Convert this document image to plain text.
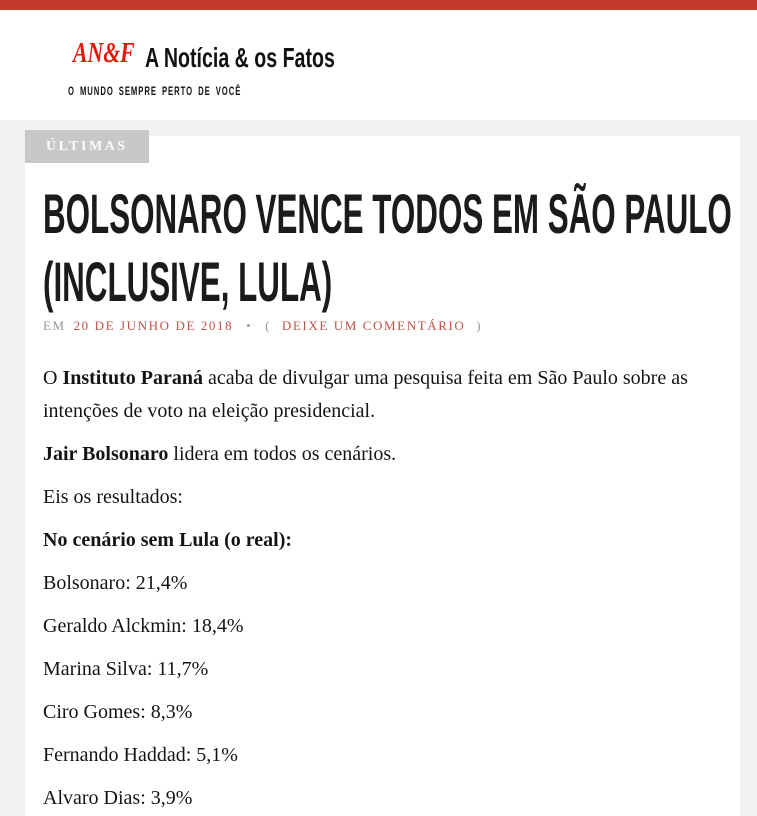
AN&F A Notícia & os Fatos
O MUNDO SEMPRE PERTO DE VOCÊ
ÚLTIMAS
BOLSONARO VENCE TODOS EM SÃO PAULO
(INCLUSIVE, LULA)
EM 20 DE JUNHO DE 2018 • ( DEIXE UM COMENTÁRIO )

O Instituto Paraná acaba de divulgar uma pesquisa feita em São Paulo sobre as intenções de voto na eleição presidencial.

Jair Bolsonaro lidera em todos os cenários.

Eis os resultados:

No cenário sem Lula (o real):

Bolsonaro: 21,4%

Geraldo Alckmin: 18,4%

Marina Silva: 11,7%

Ciro Gomes: 8,3%

Fernando Haddad: 5,1%

Alvaro Dias: 3,9%
